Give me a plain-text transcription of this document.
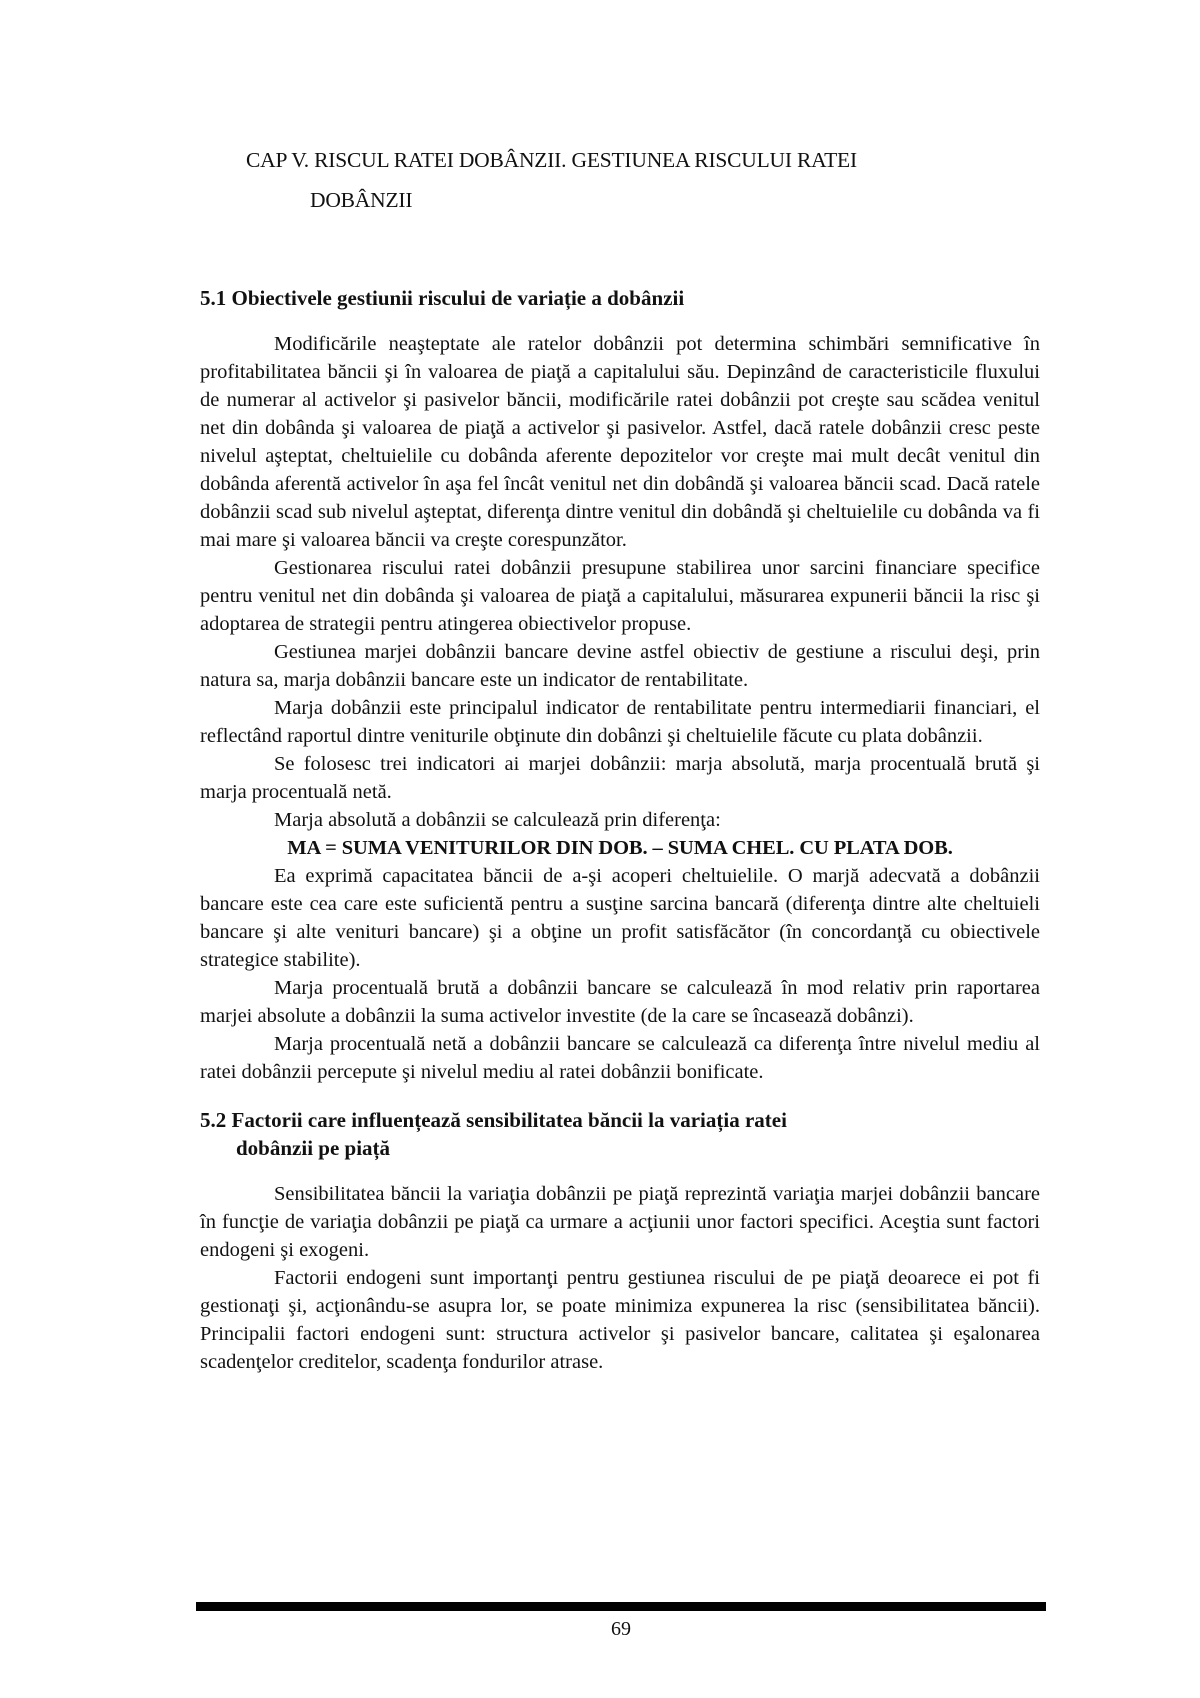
CAP V. RISCUL RATEI DOBÂNZII. GESTIUNEA RISCULUI RATEI
DOBÂNZII
5.1 Obiectivele gestiunii riscului de variație a dobânzii

Modificările neaşteptate ale ratelor dobânzii pot determina schimbări semnificative în profitabilitatea băncii şi în valoarea de piaţă a capitalului său. Depinzând de caracteristicile fluxului de numerar al activelor şi pasivelor băncii, modificările ratei dobânzii pot creşte sau scădea venitul net din dobânda şi valoarea de piaţă a activelor şi pasivelor. Astfel, dacă ratele dobânzii cresc peste nivelul aşteptat, cheltuielile cu dobânda aferente depozitelor vor creşte mai mult decât venitul din dobânda aferentă activelor în aşa fel încât venitul net din dobândă şi valoarea băncii scad. Dacă ratele dobânzii scad sub nivelul aşteptat, diferenţa dintre venitul din dobândă şi cheltuielile cu dobânda va fi mai mare şi valoarea băncii va creşte corespunzător.

Gestionarea riscului ratei dobânzii presupune stabilirea unor sarcini financiare specifice pentru venitul net din dobânda şi valoarea de piaţă a capitalului, măsurarea expunerii băncii la risc şi adoptarea de strategii pentru atingerea obiectivelor propuse.

Gestiunea marjei dobânzii bancare devine astfel obiectiv de gestiune a riscului deşi, prin natura sa, marja dobânzii bancare este un indicator de rentabilitate.

Marja dobânzii este principalul indicator de rentabilitate pentru intermediarii financiari, el reflectând raportul dintre veniturile obţinute din dobânzi şi cheltuielile făcute cu plata dobânzii.

Se folosesc trei indicatori ai marjei dobânzii: marja absolută, marja procentuală brută şi marja procentuală netă.

Marja absolută a dobânzii se calculează prin diferenţa:

MA = SUMA VENITURILOR DIN DOB. – SUMA CHEL. CU PLATA DOB.

Ea exprimă capacitatea băncii de a-şi acoperi cheltuielile. O marjă adecvată a dobânzii bancare este cea care este suficientă pentru a susţine sarcina bancară (diferenţa dintre alte cheltuieli bancare şi alte venituri bancare) şi a obţine un profit satisfăcător (în concordanţă cu obiectivele strategice stabilite).

Marja procentuală brută a dobânzii bancare se calculează în mod relativ prin raportarea marjei absolute a dobânzii la suma activelor investite (de la care se încasează dobânzi).

Marja procentuală netă a dobânzii bancare se calculează ca diferenţa între nivelul mediu al ratei dobânzii percepute şi nivelul mediu al ratei dobânzii bonificate.

5.2 Factorii care influențează sensibilitatea băncii la variația ratei
dobânzii pe piață

Sensibilitatea băncii la variaţia dobânzii pe piaţă reprezintă variaţia marjei dobânzii bancare în funcţie de variaţia dobânzii pe piaţă ca urmare a acţiunii unor factori specifici. Aceştia sunt factori endogeni şi exogeni.

Factorii endogeni sunt importanţi pentru gestiunea riscului de pe piaţă deoarece ei pot fi gestionaţi şi, acţionându-se asupra lor, se poate minimiza expunerea la risc (sensibilitatea băncii). Principalii factori endogeni sunt: structura activelor şi pasivelor bancare, calitatea şi eşalonarea scadenţelor creditelor, scadenţa fondurilor atrase.

69
